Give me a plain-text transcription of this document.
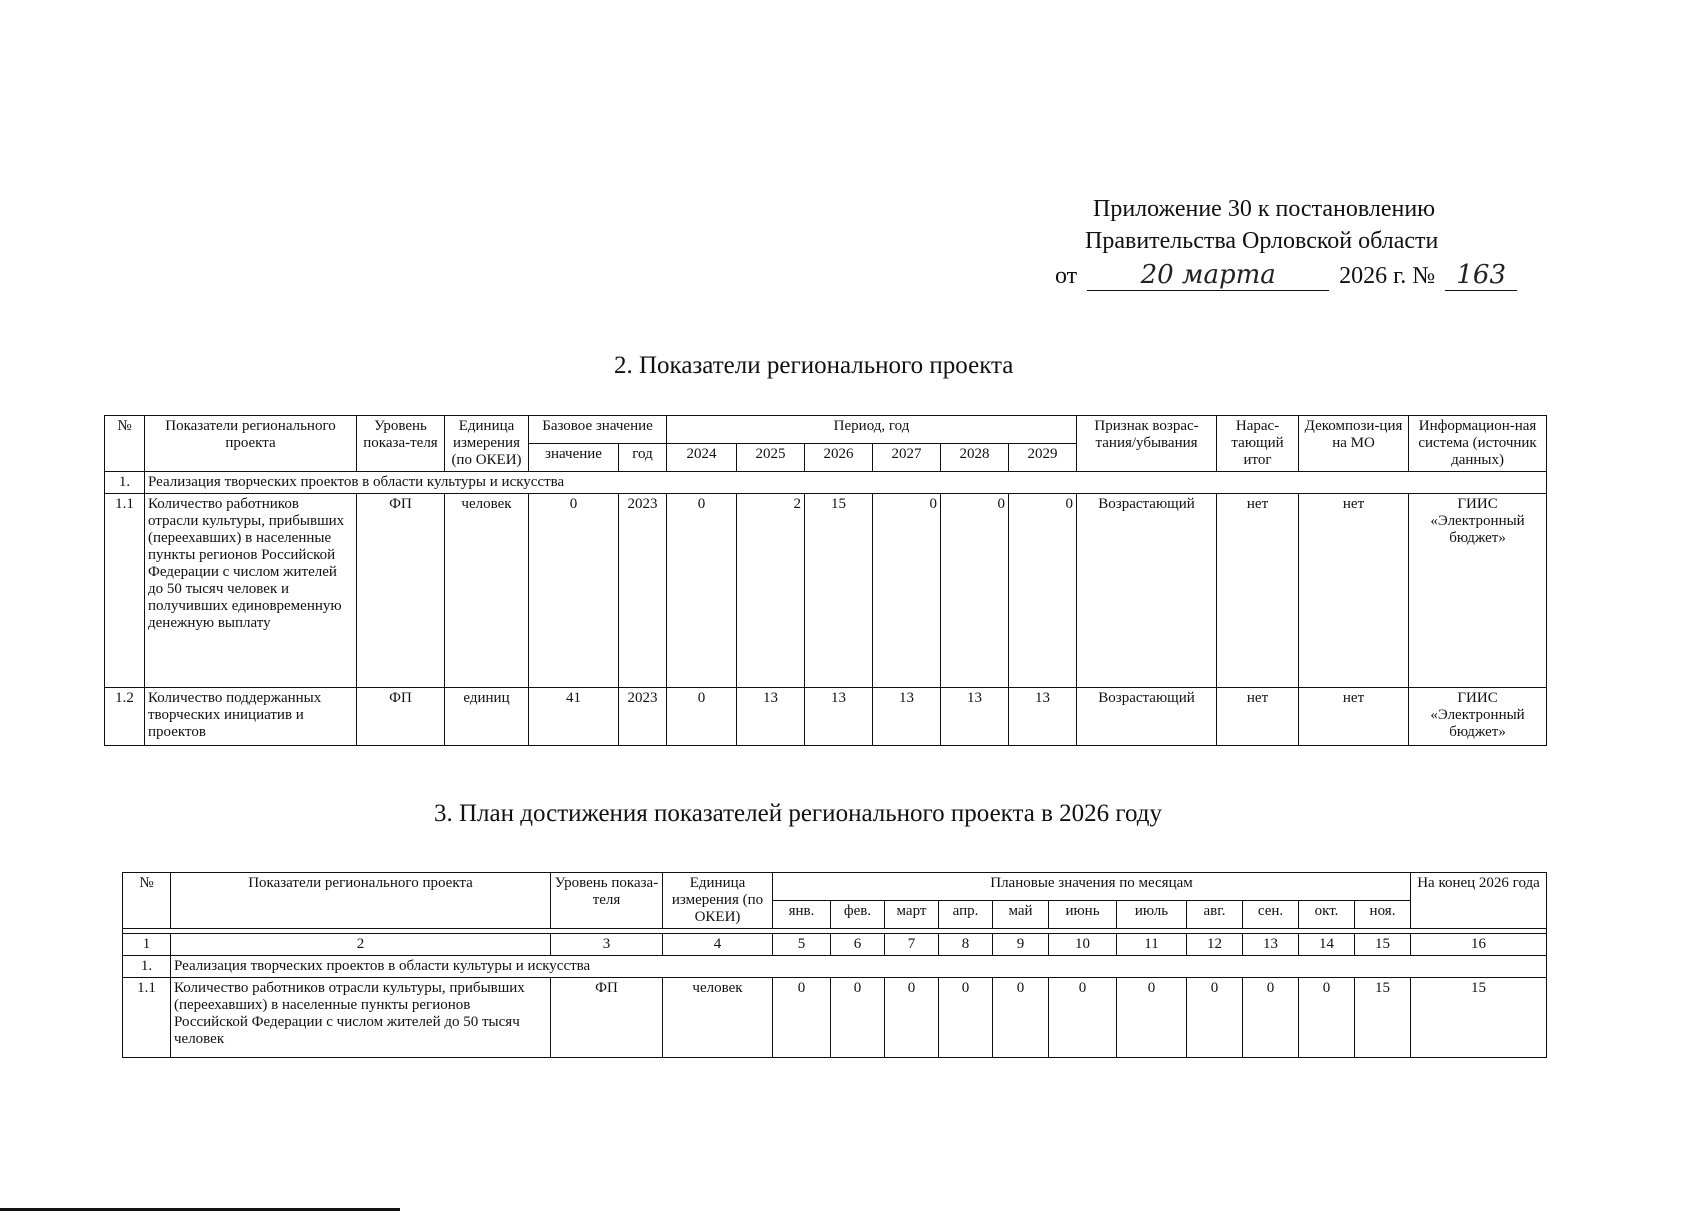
Приложение 30 к постановлению
Правительства Орловской области
от 20 марта	2026 г. № 163
2. Показатели регионального проекта
№	Показатели регионального проекта	Уровень показа-теля	Единица измерения (по ОКЕИ)	Базовое значение		Период, год						Признак возрас-тания/убывания	Нарас-тающий итог	Декомпози-ция на МО	Информацион-ная система (источник данных)
				значение	год	2024	2025	2026	2027	2028	2029				
1.	Реализация творческих проектов в области культуры и искусства														
1.1	Количество работников отрасли культуры, прибывших (переехавших) в населенные пункты регионов Российской Федерации с числом жителей до 50 тысяч человек и получивших единовременную денежную выплату	ФП	человек	0	2023	0	2	15	0	0	0	Возрастающий	нет	нет	ГИИС «Электронный бюджет»
1.2	Количество поддержанных творческих инициатив и проектов	ФП	единиц	41	2023	0	13	13	13	13	13	Возрастающий	нет	нет	ГИИС «Электронный бюджет»
3. План достижения показателей регионального проекта в 2026 году
№	Показатели регионального проекта	Уровень показа-теля	Единица измерения (по ОКЕИ)	Плановые значения по месяцам											На конец 2026 года
				янв.	фев.	март	апр.	май	июнь	июль	авг.	сен.	окт.	ноя.	

1	2	3	4	5	6	7	8	9	10	11	12	13	14	15	16
1.	Реализация творческих проектов в области культуры и искусства														
1.1	Количество работников отрасли культуры, прибывших (переехавших) в населенные пункты регионов Российской Федерации с числом жителей до 50 тысяч человек	ФП	человек	0	0	0	0	0	0	0	0	0	0	15	15
